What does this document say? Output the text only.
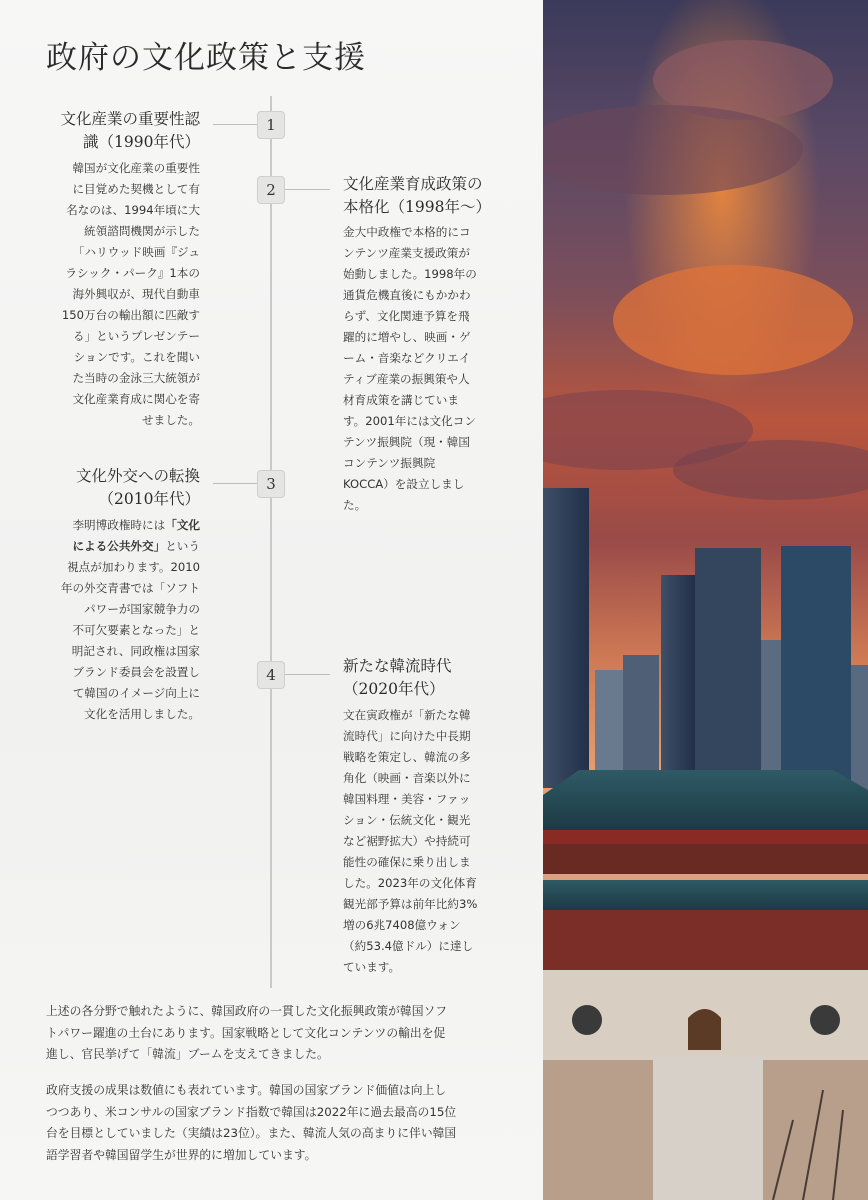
政府の文化政策と支援
1
文化産業の重要性認
識（1990年代）
韓国が文化産業の重要性
に目覚めた契機として有
名なのは、1994年頃に大
統領諮問機関が示した
「ハリウッド映画『ジュ
ラシック・パーク』1本の
海外興収が、現代自動車
150万台の輸出額に匹敵す
る」というプレゼンテー
ションです。これを聞い
た当時の金泳三大統領が
文化産業育成に関心を寄
せました。
2	文化産業育成政策の
本格化（1998年〜）
金大中政権で本格的にコ
ンテンツ産業支援政策が
始動しました。1998年の
通貨危機直後にもかかわ
らず、文化関連予算を飛
躍的に増やし、映画・ゲ
ーム・音楽などクリエイ
ティブ産業の振興策や人
材育成策を講じていま
す。2001年には文化コン
テンツ振興院（現・韓国
コンテンツ振興院
KOCCA）を設立しまし
た。
3
文化外交への転換
（2010年代）
李明博政権時には「文化
による公共外交」という
視点が加わります。2010
年の外交青書では「ソフト
パワーが国家競争力の
不可欠要素となった」と
明記され、同政権は国家
ブランド委員会を設置し
て韓国のイメージ向上に
文化を活用しました。
4	新たな韓流時代
（2020年代）
文在寅政権が「新たな韓
流時代」に向けた中長期
戦略を策定し、韓流の多
角化（映画・音楽以外に
韓国料理・美容・ファッ
ション・伝統文化・観光
など裾野拡大）や持続可
能性の確保に乗り出しま
した。2023年の文化体育
観光部予算は前年比約3%
増の6兆7408億ウォン
（約53.4億ドル）に達し
ています。
上述の各分野で触れたように、韓国政府の一貫した文化振興政策が韓国ソフ
トパワー躍進の土台にあります。国家戦略として文化コンテンツの輸出を促
進し、官民挙げて「韓流」ブームを支えてきました。
政府支援の成果は数値にも表れています。韓国の国家ブランド価値は向上し
つつあり、米コンサルの国家ブランド指数で韓国は2022年に過去最高の15位
台を目標としていました（実績は23位）。また、韓流人気の高まりに伴い韓国
語学習者や韓国留学生が世界的に増加しています。
